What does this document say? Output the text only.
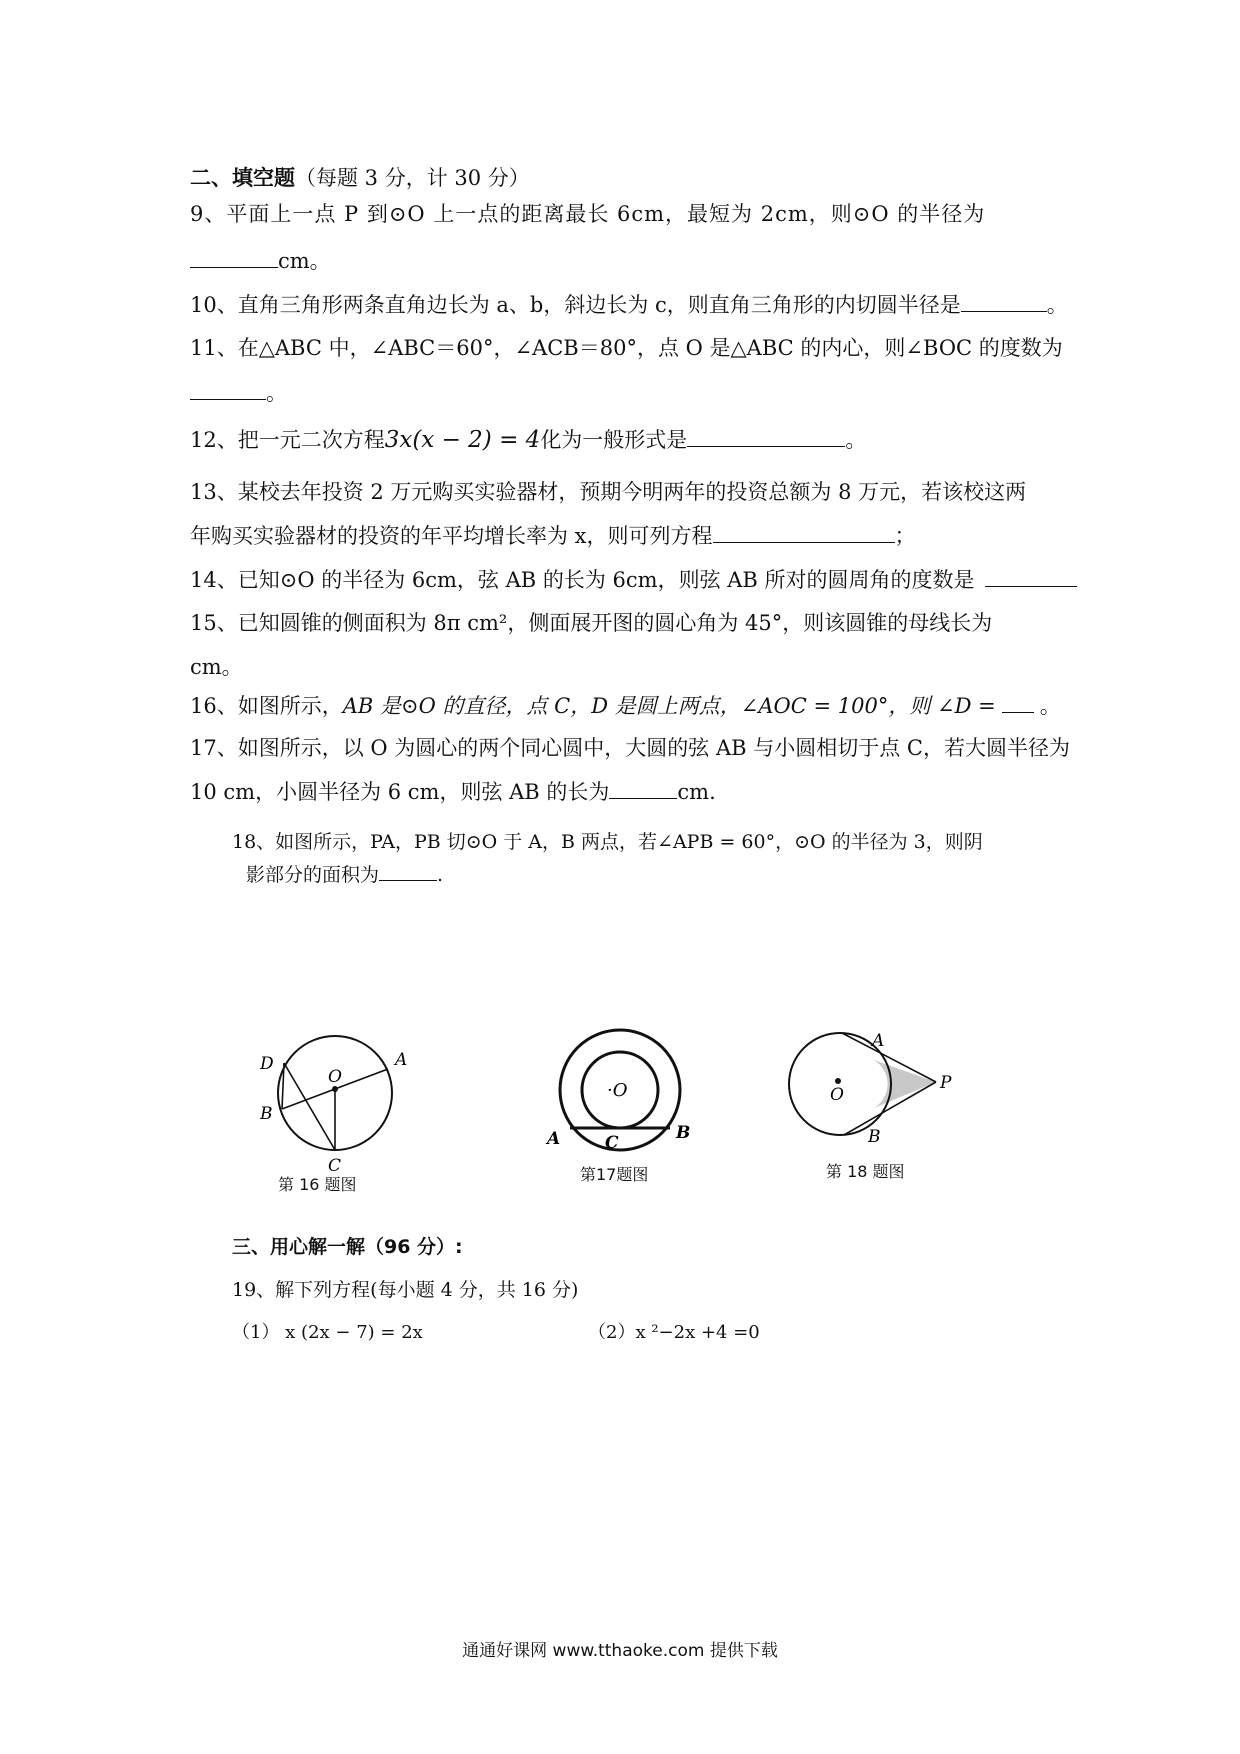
二、填空题（每题 3 分，计 30 分）
9、平面上一点 P 到⊙O 上一点的距离最长 6cm，最短为 2cm，则⊙O 的半径为
cm。
10、直角三角形两条直角边长为 a、b，斜边长为 c，则直角三角形的内切圆半径是	。
11、在△ABC 中，∠ABC＝60°，∠ACB＝80°，点 O 是△ABC 的内心，则∠BOC 的度数为
。
12、把一元二次方程3x(x − 2) = 4化为一般形式是	。
13、某校去年投资 2 万元购买实验器材，预期今明两年的投资总额为 8 万元，若该校这两
年购买实验器材的投资的年平均增长率为 x，则可列方程	；
14、已知⊙O 的半径为 6cm，弦 AB 的长为 6cm，则弦 AB 所对的圆周角的度数是
15、已知圆锥的侧面积为 8π cm²，侧面展开图的圆心角为 45°，则该圆锥的母线长为
cm。
16、如图所示，AB 是⊙O 的直径，点 C，D 是圆上两点，∠AOC = 100°，则 ∠D = 。
17、如图所示，以 O 为圆心的两个同心圆中，大圆的弦 AB 与小圆相切于点 C，若大圆半径为
10 cm，小圆半径为 6 cm，则弦 AB 的长为	cm.
18、如图所示，PA，PB 切⊙O 于 A，B 两点，若∠APB = 60°，⊙O 的半径为 3，则阴
影部分的面积为	.
D	A
B
O
C
第 16 题图
·O
A	C	B
第17题图
A
P
B
O
第 18 题图
三、用心解一解（96 分）:
19、解下列方程(每小题 4 分，共 16 分)
（1） x (2x − 7) = 2x	（2）x ²−2x +4 =0
通通好课网 www.tthaoke.com 提供下载
